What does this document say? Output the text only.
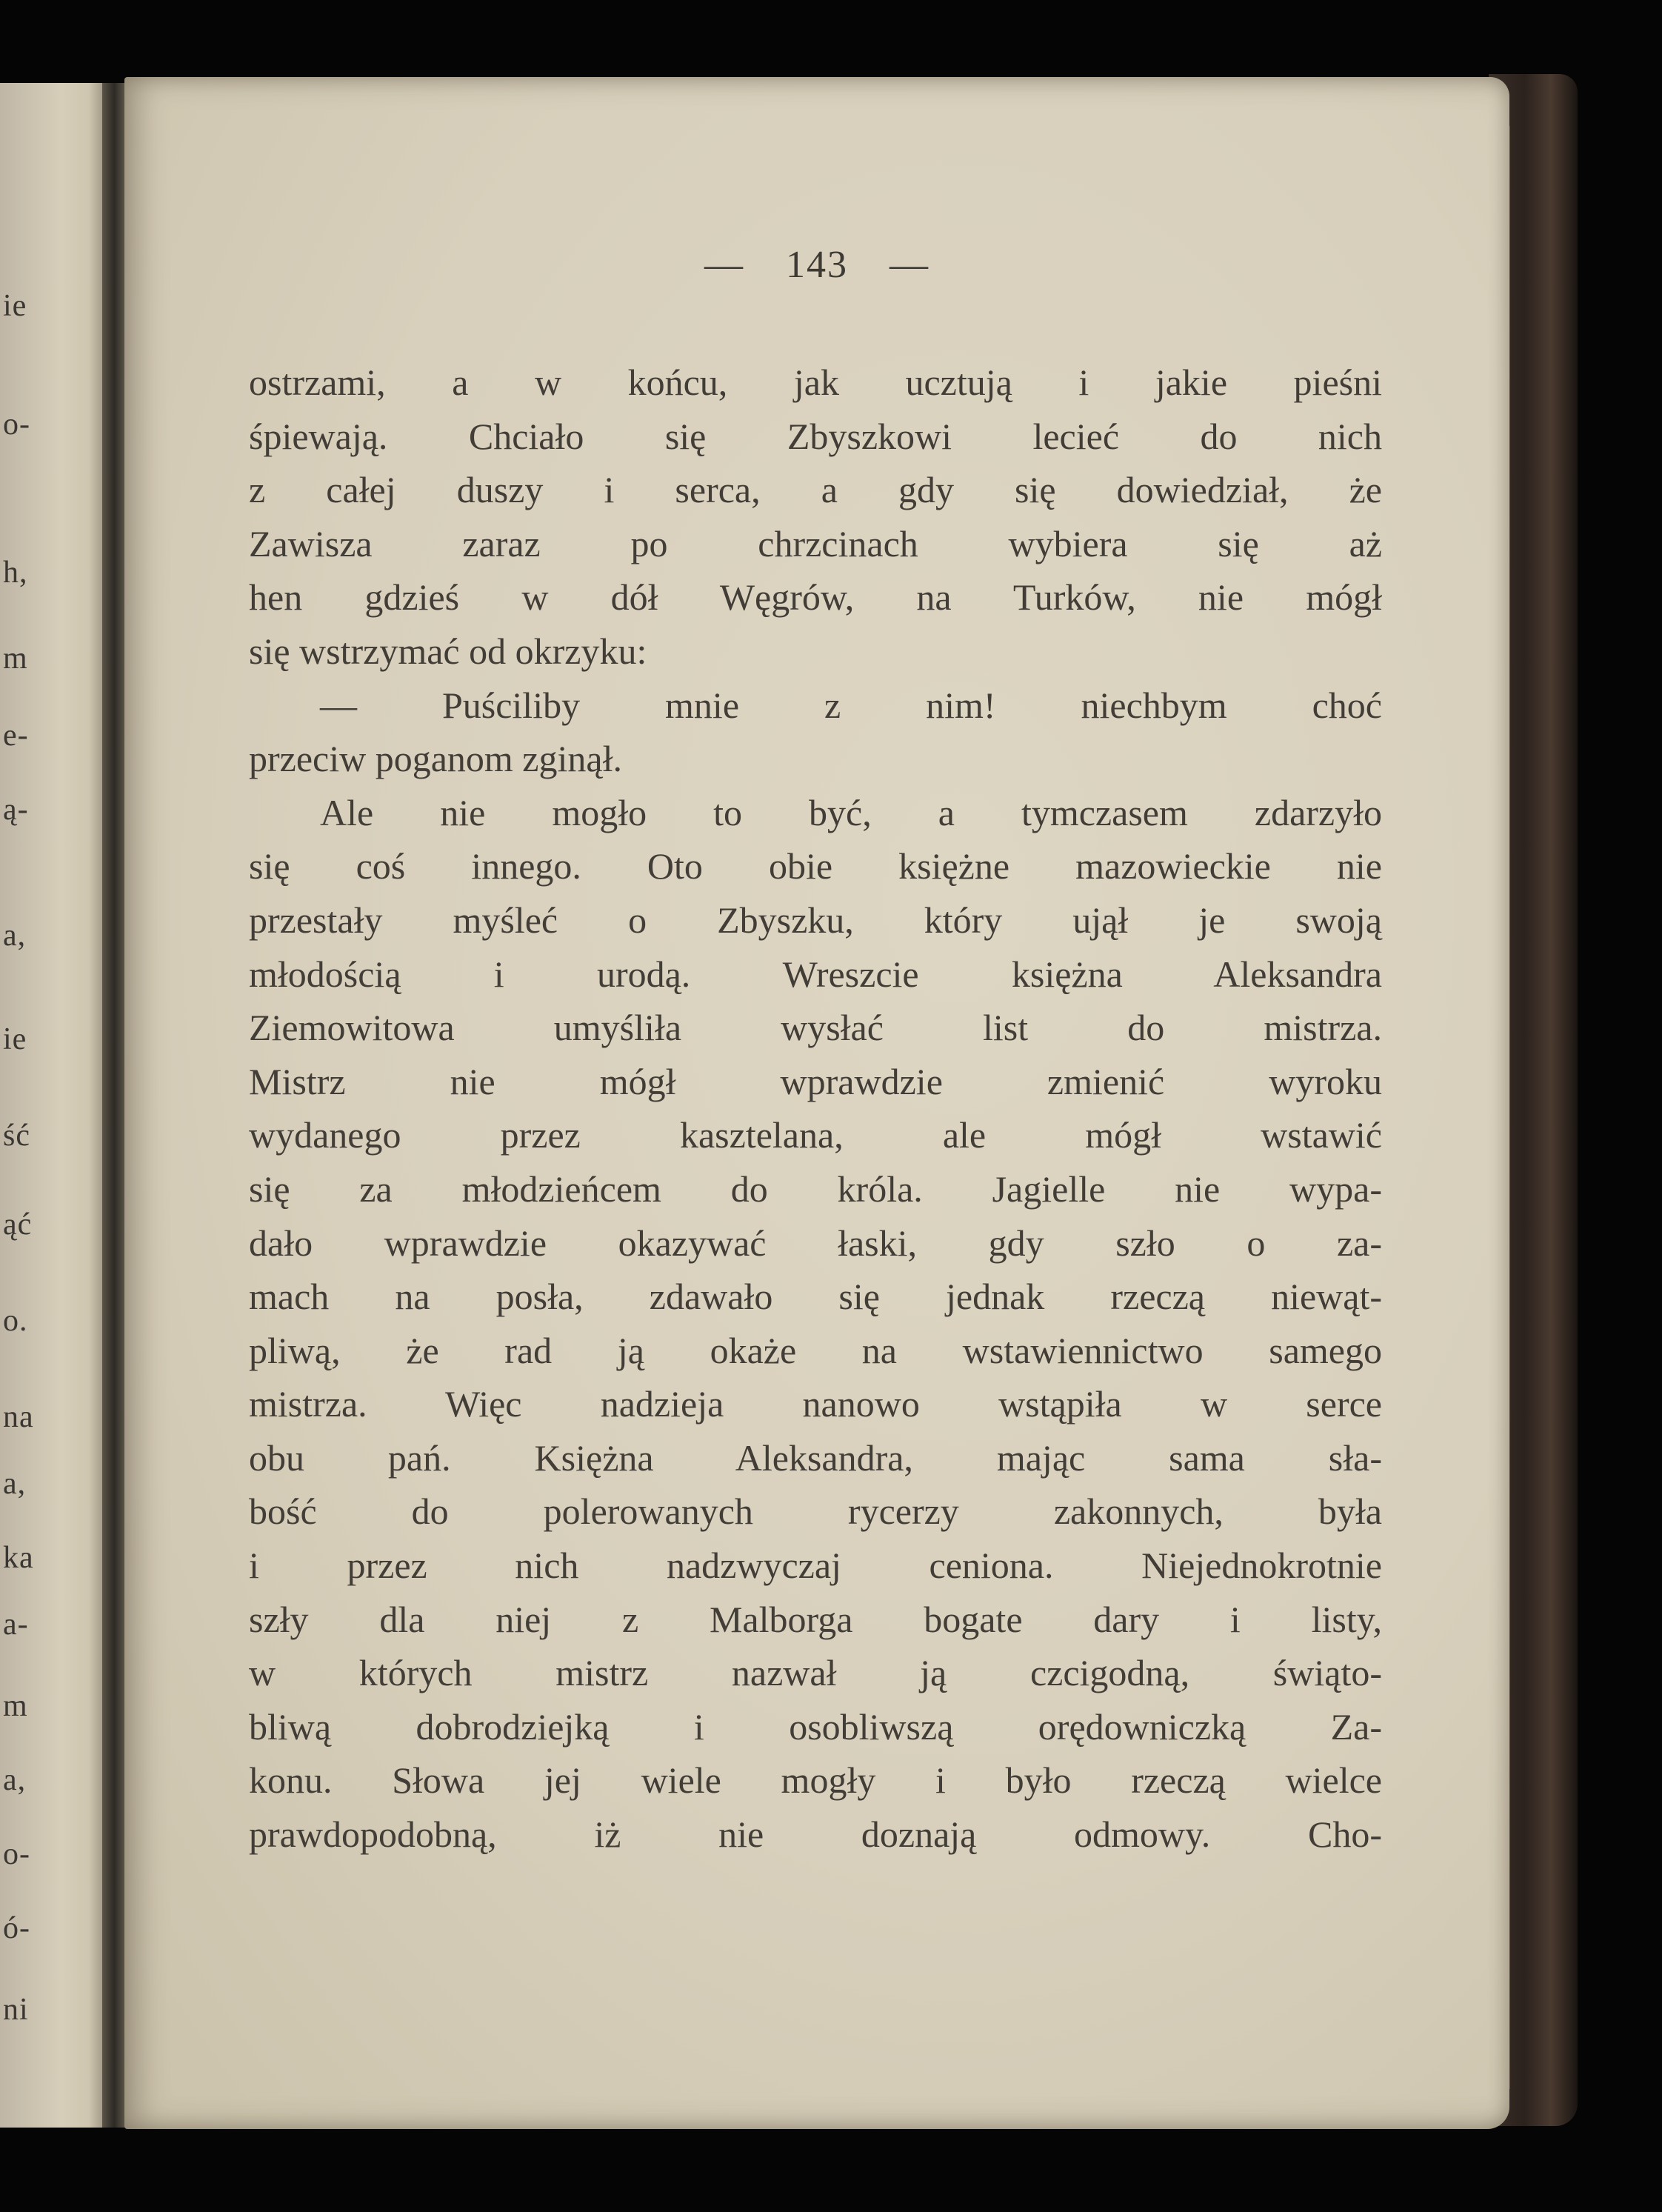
ie
o-
h,
m
e-
ą-
a,
ie
ść
ąć
o.
na
a,
ka
a-
m
a,
o-
ó-
ni
— 143 —
ostrzami, a w końcu, jak ucztują i jakie pieśni
śpiewają. Chciało się Zbyszkowi lecieć do nich
z całej duszy i serca, a gdy się dowiedział, że
Zawisza zaraz po chrzcinach wybiera się aż
hen gdzieś w dół Węgrów, na Turków, nie mógł
się wstrzymać od okrzyku:
— Puściliby mnie z nim! niechbym choć
przeciw poganom zginął.
Ale nie mogło to być, a tymczasem zdarzyło
się coś innego. Oto obie księżne mazowieckie nie
przestały myśleć o Zbyszku, który ujął je swoją
młodością i urodą. Wreszcie księżna Aleksandra
Ziemowitowa umyśliła wysłać list do mistrza.
Mistrz nie mógł wprawdzie zmienić wyroku
wydanego przez kasztelana, ale mógł wstawić
się za młodzieńcem do króla. Jagielle nie wypa-
dało wprawdzie okazywać łaski, gdy szło o za-
mach na posła, zdawało się jednak rzeczą niewąt-
pliwą, że rad ją okaże na wstawiennictwo samego
mistrza. Więc nadzieja nanowo wstąpiła w serce
obu pań. Księżna Aleksandra, mając sama sła-
bość do polerowanych rycerzy zakonnych, była
i przez nich nadzwyczaj ceniona. Niejednokrotnie
szły dla niej z Malborga bogate dary i listy,
w których mistrz nazwał ją czcigodną, świąto-
bliwą dobrodziejką i osobliwszą orędowniczką Za-
konu. Słowa jej wiele mogły i było rzeczą wielce
prawdopodobną, iż nie doznają odmowy. Cho-
